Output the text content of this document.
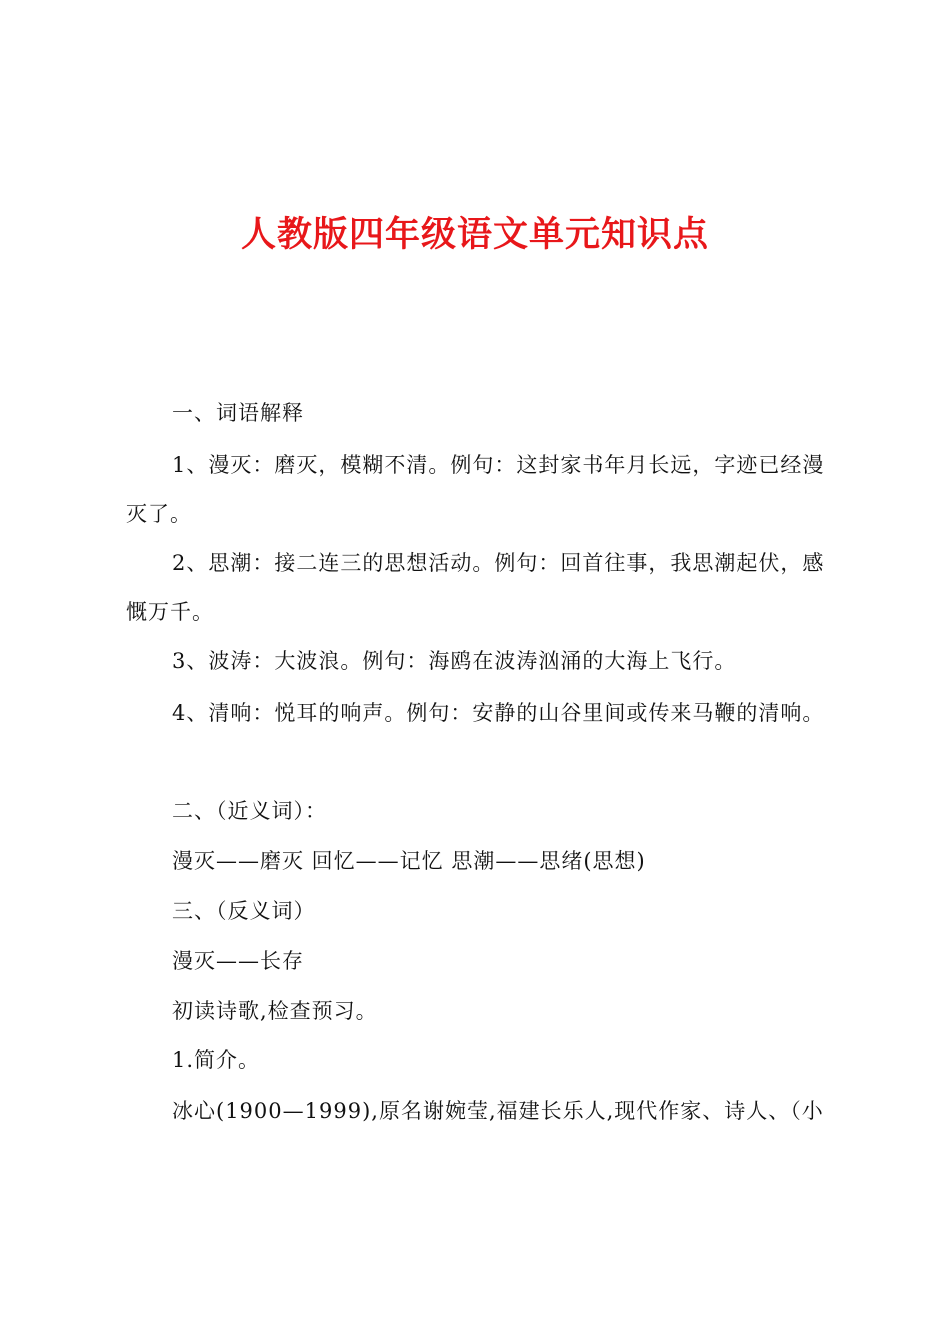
人教版四年级语文单元知识点
一、词语解释
1、漫灭：磨灭，模糊不清。例句：这封家书年月长远，字迹已经漫
灭了。
2、思潮：接二连三的思想活动。例句：回首往事，我思潮起伏，感
慨万千。
3、波涛：大波浪。例句：海鸥在波涛汹涌的大海上飞行。
4、清响：悦耳的响声。例句：安静的山谷里间或传来马鞭的清响。
二、（近义词）：
漫灭——磨灭 回忆——记忆 思潮——思绪(思想)
三、（反义词）
漫灭——长存
初读诗歌,检查预习。
1.简介。
冰心(1900—1999),原名谢婉莹,福建长乐人,现代作家、诗人、（小
